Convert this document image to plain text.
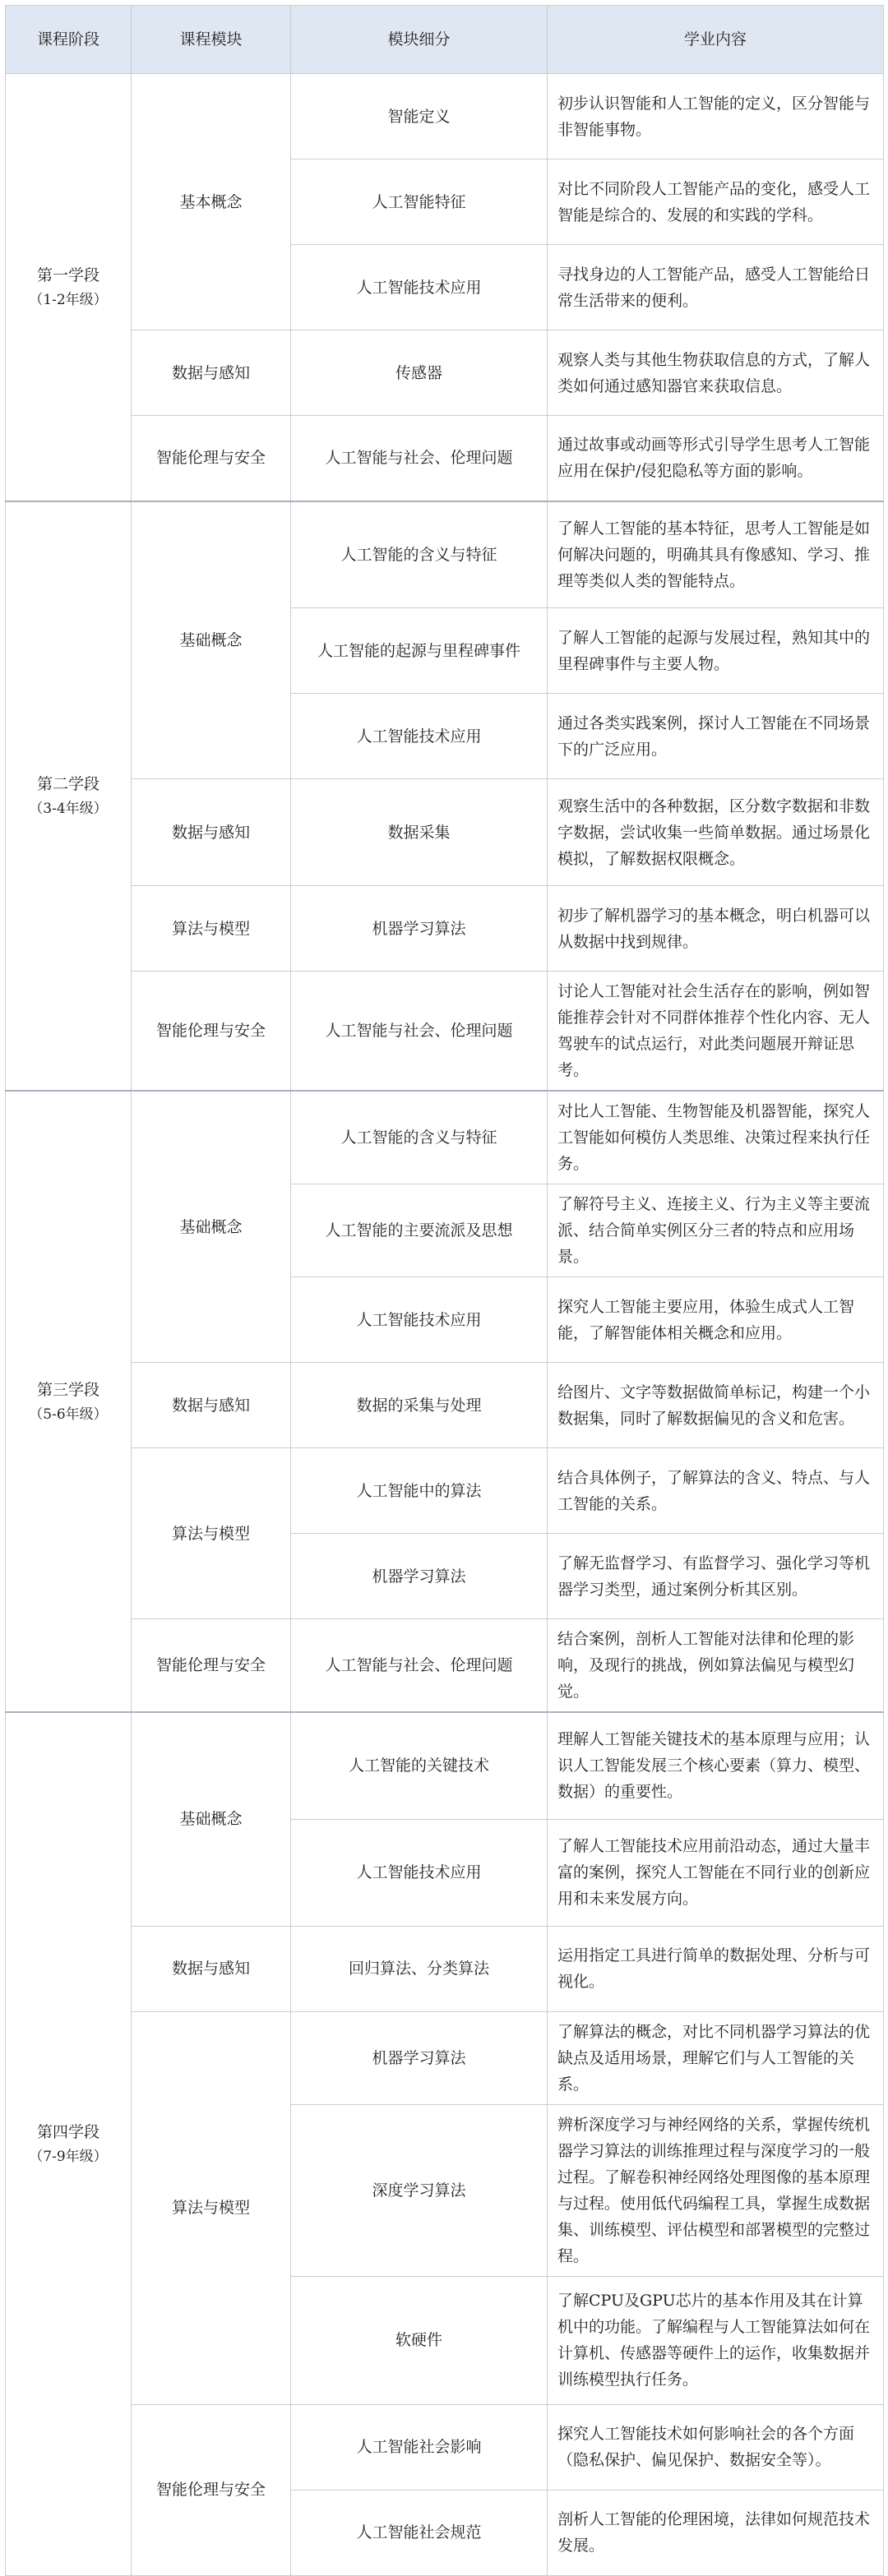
课程阶段	课程模块	模块细分	学业内容

第一学段
（1-2年级）	基本概念	智能定义	初步认识智能和人工智能的定义，区分智能与非智能事物。
		人工智能特征	对比不同阶段人工智能产品的变化，感受人工智能是综合的、发展的和实践的学科。
		人工智能技术应用	寻找身边的人工智能产品，感受人工智能给日常生活带来的便利。
	数据与感知	传感器	观察人类与其他生物获取信息的方式，了解人类如何通过感知器官来获取信息。
	智能伦理与安全	人工智能与社会、伦理问题	通过故事或动画等形式引导学生思考人工智能应用在保护/侵犯隐私等方面的影响。

第二学段
（3-4年级）	基础概念	人工智能的含义与特征	了解人工智能的基本特征，思考人工智能是如何解决问题的，明确其具有像感知、学习、推理等类似人类的智能特点。
		人工智能的起源与里程碑事件	了解人工智能的起源与发展过程，熟知其中的里程碑事件与主要人物。
		人工智能技术应用	通过各类实践案例，探讨人工智能在不同场景下的广泛应用。
	数据与感知	数据采集	观察生活中的各种数据，区分数字数据和非数字数据，尝试收集一些简单数据。通过场景化模拟，了解数据权限概念。
	算法与模型	机器学习算法	初步了解机器学习的基本概念，明白机器可以从数据中找到规律。
	智能伦理与安全	人工智能与社会、伦理问题	讨论人工智能对社会生活存在的影响，例如智能推荐会针对不同群体推荐个性化内容、无人驾驶车的试点运行，对此类问题展开辩证思考。

第三学段
（5-6年级）	基础概念	人工智能的含义与特征	对比人工智能、生物智能及机器智能，探究人工智能如何模仿人类思维、决策过程来执行任务。
		人工智能的主要流派及思想	了解符号主义、连接主义、行为主义等主要流派、结合简单实例区分三者的特点和应用场景。
		人工智能技术应用	探究人工智能主要应用，体验生成式人工智能，了解智能体相关概念和应用。
	数据与感知	数据的采集与处理	给图片、文字等数据做简单标记，构建一个小数据集，同时了解数据偏见的含义和危害。
	算法与模型	人工智能中的算法	结合具体例子，了解算法的含义、特点、与人工智能的关系。
		机器学习算法	了解无监督学习、有监督学习、强化学习等机器学习类型，通过案例分析其区别。
	智能伦理与安全	人工智能与社会、伦理问题	结合案例，剖析人工智能对法律和伦理的影响，及现行的挑战，例如算法偏见与模型幻觉。

第四学段
（7-9年级）	基础概念	人工智能的关键技术	理解人工智能关键技术的基本原理与应用；认识人工智能发展三个核心要素（算力、模型、数据）的重要性。
		人工智能技术应用	了解人工智能技术应用前沿动态，通过大量丰富的案例，探究人工智能在不同行业的创新应用和未来发展方向。
	数据与感知	回归算法、分类算法	运用指定工具进行简单的数据处理、分析与可视化。
	算法与模型	机器学习算法	了解算法的概念，对比不同机器学习算法的优缺点及适用场景，理解它们与人工智能的关系。
		深度学习算法	辨析深度学习与神经网络的关系，掌握传统机器学习算法的训练推理过程与深度学习的一般过程。了解卷积神经网络处理图像的基本原理与过程。使用低代码编程工具，掌握生成数据集、训练模型、评估模型和部署模型的完整过程。
		软硬件	了解CPU及GPU芯片的基本作用及其在计算机中的功能。了解编程与人工智能算法如何在计算机、传感器等硬件上的运作，收集数据并训练模型执行任务。
	智能伦理与安全	人工智能社会影响	探究人工智能技术如何影响社会的各个方面（隐私保护、偏见保护、数据安全等）。
		人工智能社会规范	剖析人工智能的伦理困境，法律如何规范技术发展。
